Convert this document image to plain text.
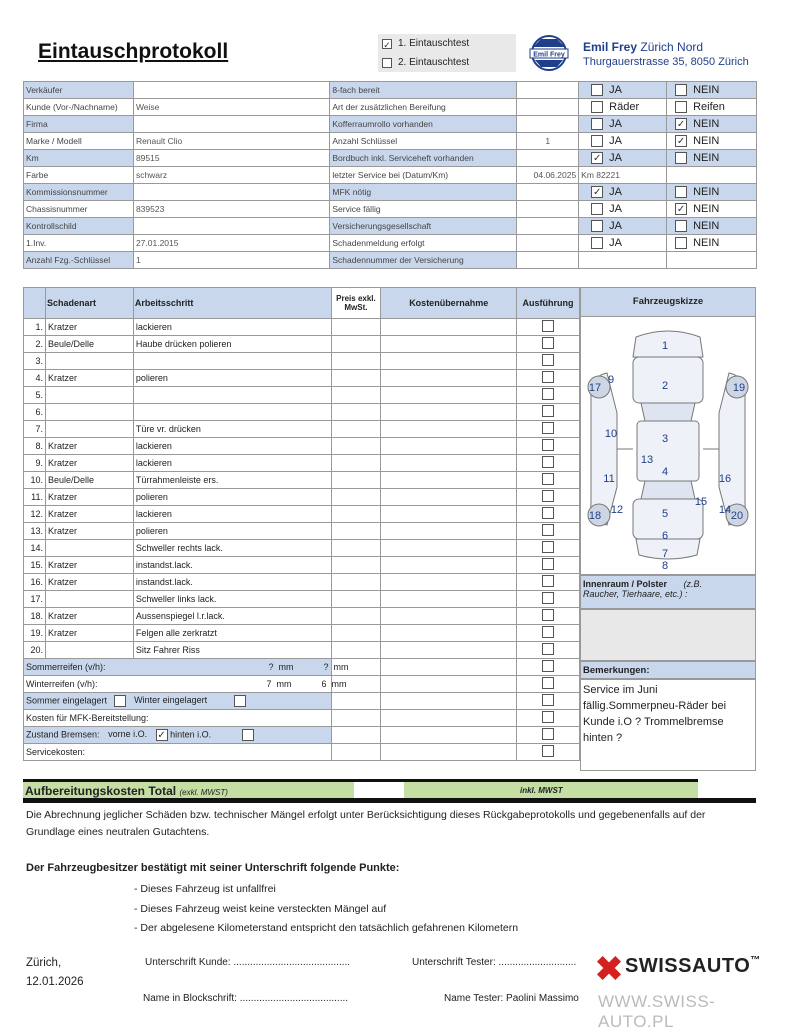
Eintauschprotokoll	✓ 1. Eintauschtest
2. Eintauschtest
Emil Frey
Emil Frey Zürich Nord
Thurgauerstrasse 35, 8050 Zürich
Verkäufer		8-fach bereit		JA	NEIN

Kunde (Vor-/Nachname)	Weise	Art der zusätzlichen Bereifung		Räder	Reifen

Firma		Kofferraumrollo vorhanden		JA	✓ NEIN

Marke / Modell	Renault Clio	Anzahl Schlüssel	1	JA	✓ NEIN

Km	89515	Bordbuch inkl. Serviceheft vorhanden		✓ JA	NEIN

Farbe	schwarz	letzter Service bei (Datum/Km)	04.06.2025	Km 82221	
Kommissionsnummer		MFK nötig		✓ JA	NEIN

Chassisnummer	839523	Service fällig		JA	✓ NEIN

Kontrollschild		Versicherungsgesellschaft		JA	NEIN

1.Inv.	27.01.2015	Schadenmeldung erfolgt		JA	NEIN

Anzahl Fzg.-Schlüssel	1	Schadennummer der Versicherung			
	Schadenart	Arbeitsschritt	Preis exkl. MwSt.	Kostenübernahme	Ausführung
1.	Kratzer	lackieren			
2.	Beule/Delle	Haube drücken polieren			
3.					
4.	Kratzer	polieren			
5.					
6.					
7.		Türe vr. drücken			
8.	Kratzer	lackieren			
9.	Kratzer	lackieren			
10.	Beule/Delle	Türrahmenleiste ers.			
11.	Kratzer	polieren			
12.	Kratzer	lackieren			
13.	Kratzer	polieren			
14.		Schweller rechts lack.			
15.	Kratzer	instandst.lack.			
16.	Kratzer	instandst.lack.			
17.		Schweller links lack.			
18.	Kratzer	Aussenspiegel l.r.lack.			
19.	Kratzer	Felgen alle zerkratzt			
20.		Sitz Fahrer Riss			
Sommerreifen (v/h): ? mm ? mm					

Winterreifen (v/h): 7 mm 6 mm					

Sommer eingelagert Winter eingelagert					
Kosten für MFK-Bereitstellung:					
Zustand Bremsen: vorne i.O. ✓ hinten i.O.					
Servicekosten:					
Fahrzeugskizze
1
2
3
4
5
6
7
8
9
10
11
12
13
14
15
16
17
18
19
20
Innenraum / Polster (z.B.
Raucher, Tierhaare, etc.) :
Bemerkungen:
Service im Juni fällig.Sommerpneu-Räder bei Kunde i.O ? Trommelbremse hinten ?
Aufbereitungskosten Total (exkl. MWST)	inkl. MWST
Die Abrechnung jeglicher Schäden bzw. technischer Mängel erfolgt unter Berücksichtigung dieses Rückgabeprotokolls und gegebenenfalls auf der Grundlage eines neutralen Gutachtens.
Der Fahrzeugbesitzer bestätigt mit seiner Unterschrift folgende Punkte:
- Dieses Fahrzeug ist unfallfrei
- Dieses Fahrzeug weist keine versteckten Mängel auf
- Der abgelesene Kilometerstand entspricht den tatsächlich gefahrenen Kilometern
Zürich,
12.01.2026
Unterschrift Kunde: ..........................................	Unterschrift Tester: ............................
Name in Blockschrift: .......................................	Name Tester: Paolini Massimo
SWISSAUTO™
WWW.SWISS-AUTO.PL
